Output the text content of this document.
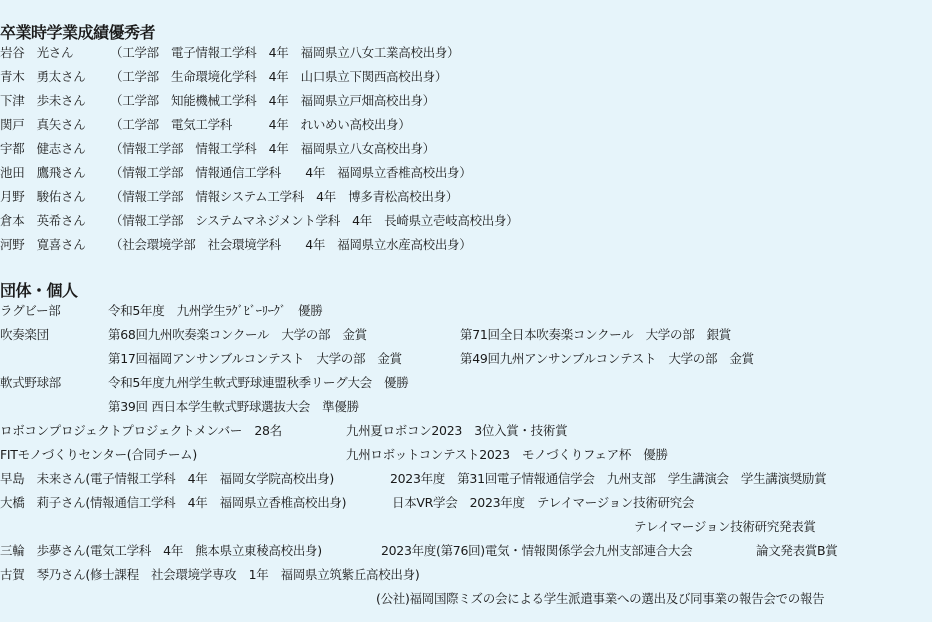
卒業時学業成績優秀者
岩谷　光さん	（工学部　電子情報工学科　4年　福岡県立八女工業高校出身）
青木　勇太さん （工学部　生命環境化学科　4年　山口県立下関西高校出身）
下津　歩未さん （工学部　知能機械工学科　4年　福岡県立戸畑高校出身）
関戸　真矢さん （工学部　電気工学科　　　4年　れいめい高校出身）
宇都　健志さん （情報工学部　情報工学科　4年　福岡県立八女高校出身）
池田　鷹飛さん （情報工学部　情報通信工学科　　4年　福岡県立香椎高校出身）
月野　駿佑さん （情報工学部　情報システム工学科　4年　博多青松高校出身）
倉本　英希さん （情報工学部　システムマネジメント学科　4年　長崎県立壱岐高校出身）
河野　寛喜さん （社会環境学部　社会環境学科　　4年　福岡県立水産高校出身）
団体・個人
ラグビー部	令和5年度　九州学生ﾗｸﾞﾋﾞｰﾘｰｸﾞ　優勝
吹奏楽団	第68回九州吹奏楽コンクール　大学の部　金賞	第71回全日本吹奏楽コンクール　大学の部　銀賞
第17回福岡アンサンブルコンテスト　大学の部　金賞	第49回九州アンサンブルコンテスト　大学の部　金賞
軟式野球部	令和5年度九州学生軟式野球連盟秋季リーグ大会　優勝
第39回 西日本学生軟式野球選抜大会　準優勝
ロボコンプロジェクトプロジェクトメンバー　28名	九州夏ロボコン2023　3位入賞・技術賞
FITモノづくりセンター(合同チーム)	九州ロボットコンテスト2023　モノづくりフェア杯　優勝
早島　未来さん(電子情報工学科　4年　福岡女学院高校出身)	2023年度　第31回電子情報通信学会　九州支部　学生講演会　学生講演奨励賞
大橋　莉子さん(情報通信工学科　4年　福岡県立香椎高校出身)	日本VR学会　2023年度　テレイマージョン技術研究会
テレイマージョン技術研究発表賞
三輪　歩夢さん(電気工学科　4年　熊本県立東稜高校出身)	2023年度(第76回)電気・情報関係学会九州支部連合大会	論文発表賞B賞
古賀　琴乃さん(修士課程　社会環境学専攻　1年　福岡県立筑紫丘高校出身)
(公社)福岡国際ミズの会による学生派遣事業への選出及び同事業の報告会での報告
